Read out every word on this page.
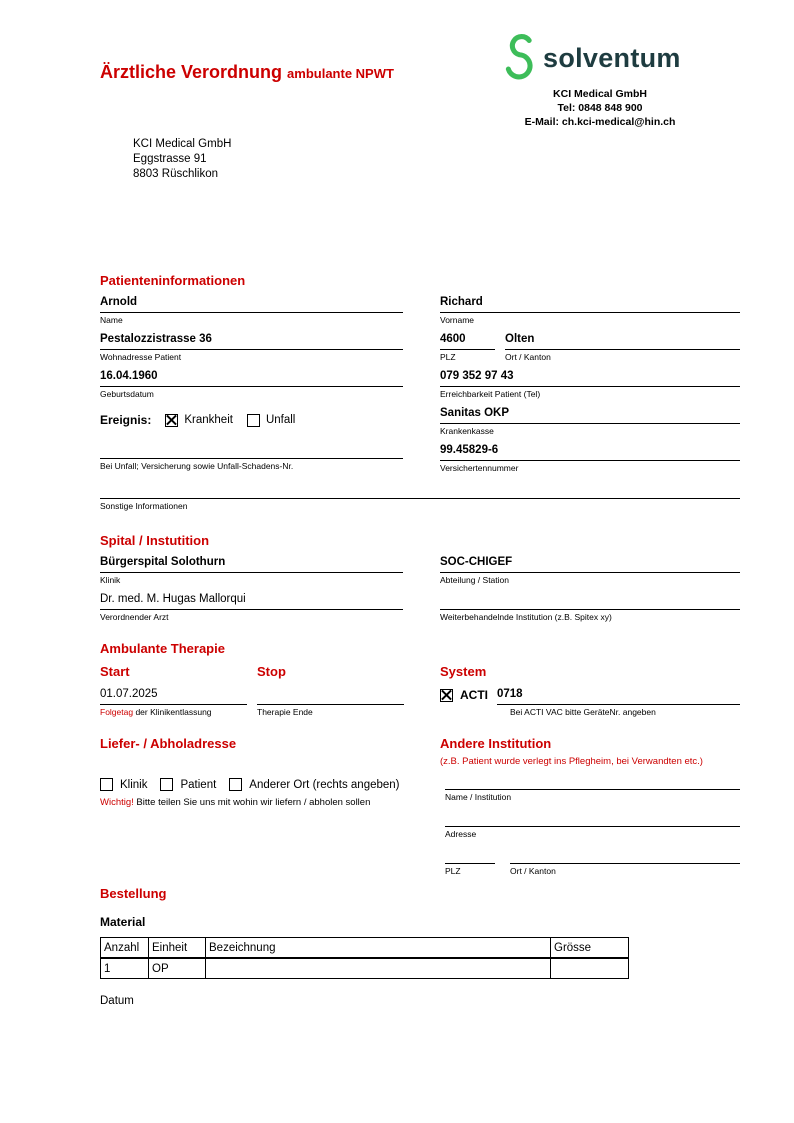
Ärztliche Verordnung ambulante NPWT
solventum
KCI Medical GmbH
Tel: 0848 848 900
E-Mail: ch.kci-medical@hin.ch
KCI Medical GmbH
Eggstrasse 91
8803 Rüschlikon
Patienteninformationen
Arnold
Name
Richard
Vorname
Pestalozzistrasse 36
Wohnadresse Patient
4600
PLZ
Olten
Ort / Kanton
16.04.1960
Geburtsdatum
079 352 97 43
Erreichbarkeit Patient (Tel)
Ereignis:	Krankheit	Unfall
Sanitas OKP
Krankenkasse
Bei Unfall; Versicherung sowie Unfall-Schadens-Nr.
99.45829-6
Versichertennummer
Sonstige Informationen
Spital / Instutition
Bürgerspital Solothurn
Klinik
SOC-CHIGEF
Abteilung / Station
Dr. med. M. Hugas Mallorqui
Verordnender Arzt	Weiterbehandelnde Institution (z.B. Spitex xy)
Ambulante Therapie
Start	Stop	System
01.07.2025
Folgetag der Klinikentlassung	Therapie Ende
ACTI 0718
Bei ACTI VAC bitte GeräteNr. angeben
Liefer- / Abholadresse
Klinik	Patient	Anderer Ort (rechts angeben)
Wichtig! Bitte teilen Sie uns mit wohin wir liefern / abholen sollen
Andere Institution
(z.B. Patient wurde verlegt ins Pflegheim, bei Verwandten etc.)
Name / Institution
Adresse
PLZ	Ort / Kanton
Bestellung
Material
Anzahl	Einheit	Bezeichnung	Grösse
1	OP		
Datum
